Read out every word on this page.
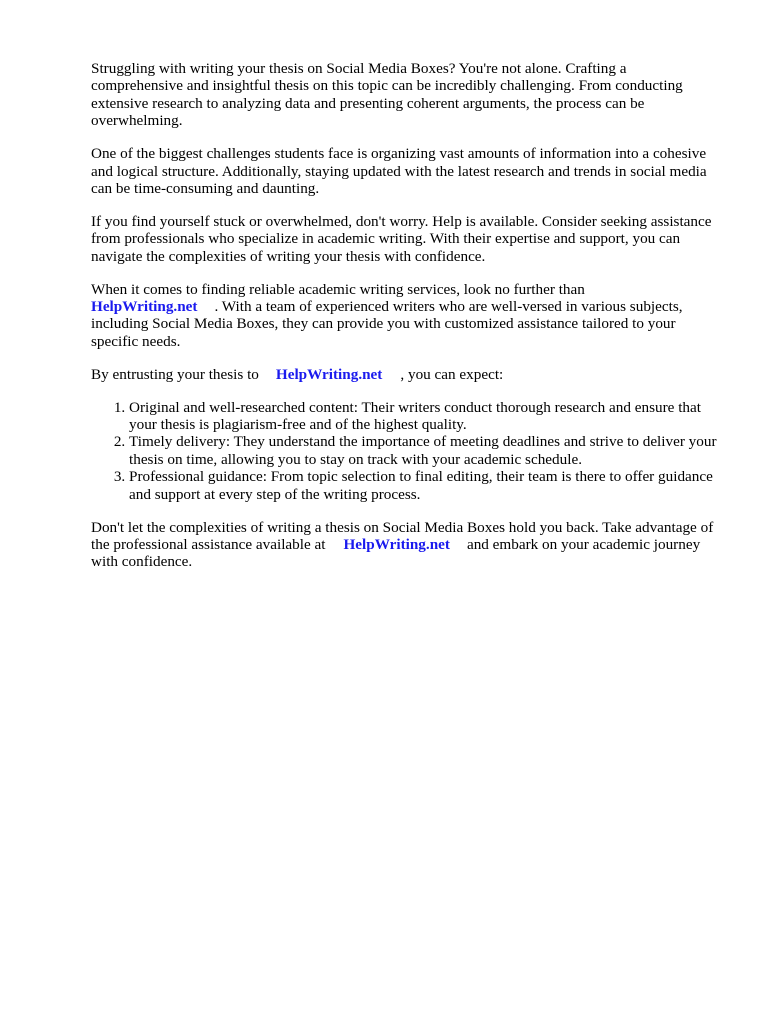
Struggling with writing your thesis on Social Media Boxes? You're not alone. Crafting a comprehensive and insightful thesis on this topic can be incredibly challenging. From conducting extensive research to analyzing data and presenting coherent arguments, the process can be overwhelming.

One of the biggest challenges students face is organizing vast amounts of information into a cohesive and logical structure. Additionally, staying updated with the latest research and trends in social media can be time-consuming and daunting.

If you find yourself stuck or overwhelmed, don't worry. Help is available. Consider seeking assistance from professionals who specialize in academic writing. With their expertise and support, you can navigate the complexities of writing your thesis with confidence.

When it comes to finding reliable academic writing services, look no further than
HelpWriting.net . With a team of experienced writers who are well-versed in various subjects, including Social Media Boxes, they can provide you with customized assistance tailored to your specific needs.

By entrusting your thesis to HelpWriting.net , you can expect:

1. Original and well-researched content: Their writers conduct thorough research and ensure that your thesis is plagiarism-free and of the highest quality.
2. Timely delivery: They understand the importance of meeting deadlines and strive to deliver your thesis on time, allowing you to stay on track with your academic schedule.
3. Professional guidance: From topic selection to final editing, their team is there to offer guidance and support at every step of the writing process.

Don't let the complexities of writing a thesis on Social Media Boxes hold you back. Take advantage of the professional assistance available at HelpWriting.net and embark on your academic journey with confidence.
